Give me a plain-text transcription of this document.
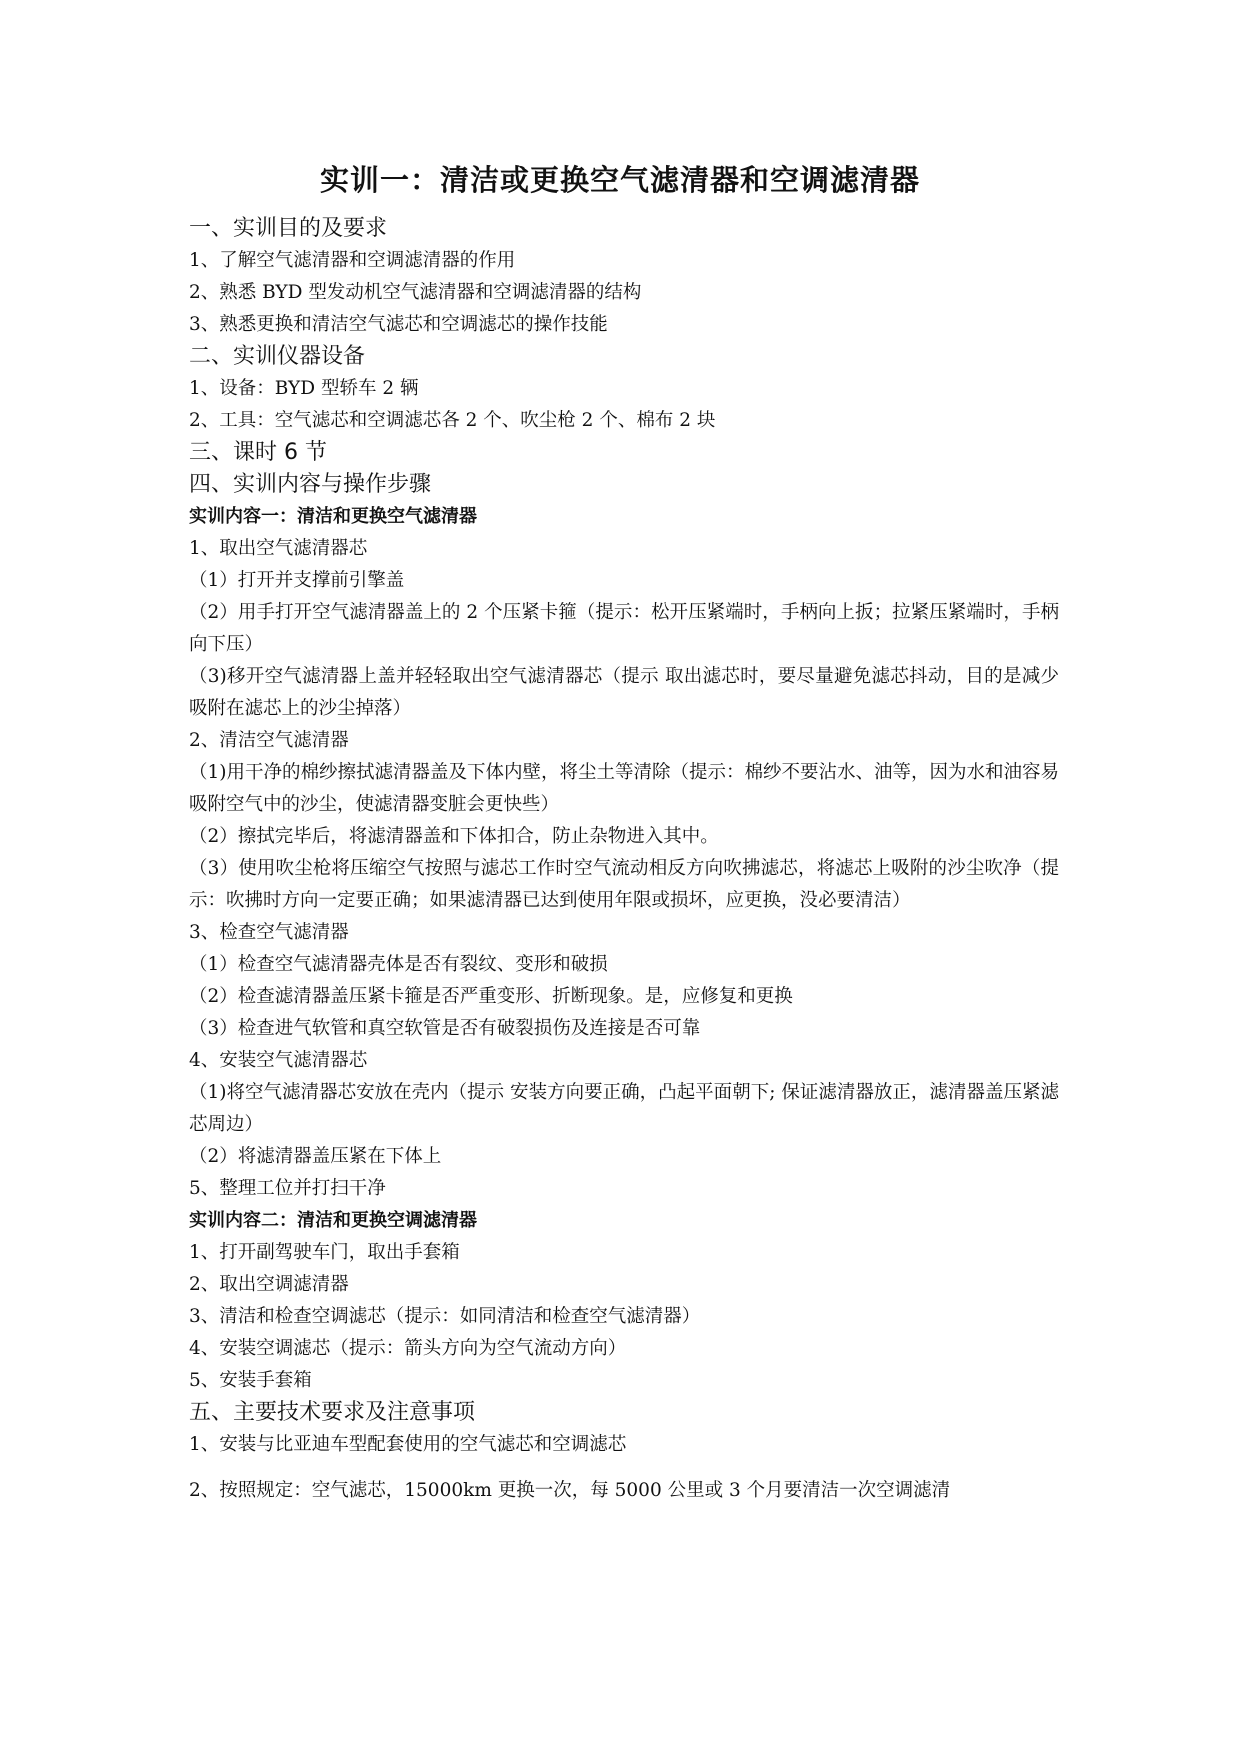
实训一：清洁或更换空气滤清器和空调滤清器
一、实训目的及要求
1、了解空气滤清器和空调滤清器的作用
2、熟悉 BYD 型发动机空气滤清器和空调滤清器的结构
3、熟悉更换和清洁空气滤芯和空调滤芯的操作技能
二、实训仪器设备
1、设备：BYD 型轿车 2 辆
2、工具：空气滤芯和空调滤芯各 2 个、吹尘枪 2 个、棉布 2 块
三、课时 6 节
四、实训内容与操作步骤
实训内容一：清洁和更换空气滤清器
1、取出空气滤清器芯
（1）打开并支撑前引擎盖
（2）用手打开空气滤清器盖上的 2 个压紧卡箍（提示：松开压紧端时，手柄向上扳；拉紧压紧端时，手柄向下压）
（3)移开空气滤清器上盖并轻轻取出空气滤清器芯（提示 取出滤芯时，要尽量避免滤芯抖动，目的是减少吸附在滤芯上的沙尘掉落）
2、清洁空气滤清器
（1)用干净的棉纱擦拭滤清器盖及下体内壁，将尘土等清除（提示：棉纱不要沾水、油等，因为水和油容易吸附空气中的沙尘，使滤清器变脏会更快些）
（2）擦拭完毕后，将滤清器盖和下体扣合，防止杂物进入其中。
（3）使用吹尘枪将压缩空气按照与滤芯工作时空气流动相反方向吹拂滤芯，将滤芯上吸附的沙尘吹净（提示：吹拂时方向一定要正确；如果滤清器已达到使用年限或损坏，应更换，没必要清洁）
3、检查空气滤清器
（1）检查空气滤清器壳体是否有裂纹、变形和破损
（2）检查滤清器盖压紧卡箍是否严重变形、折断现象。是，应修复和更换
（3）检查进气软管和真空软管是否有破裂损伤及连接是否可靠
4、安装空气滤清器芯
（1)将空气滤清器芯安放在壳内（提示 安装方向要正确，凸起平面朝下; 保证滤清器放正，滤清器盖压紧滤芯周边）
（2）将滤清器盖压紧在下体上
5、整理工位并打扫干净
实训内容二：清洁和更换空调滤清器
1、打开副驾驶车门，取出手套箱
2、取出空调滤清器
3、清洁和检查空调滤芯（提示：如同清洁和检查空气滤清器）
4、安装空调滤芯（提示：箭头方向为空气流动方向）
5、安装手套箱
五、主要技术要求及注意事项
1、安装与比亚迪车型配套使用的空气滤芯和空调滤芯
2、按照规定：空气滤芯，15000km 更换一次，每 5000 公里或 3 个月要清洁一次空调滤清
